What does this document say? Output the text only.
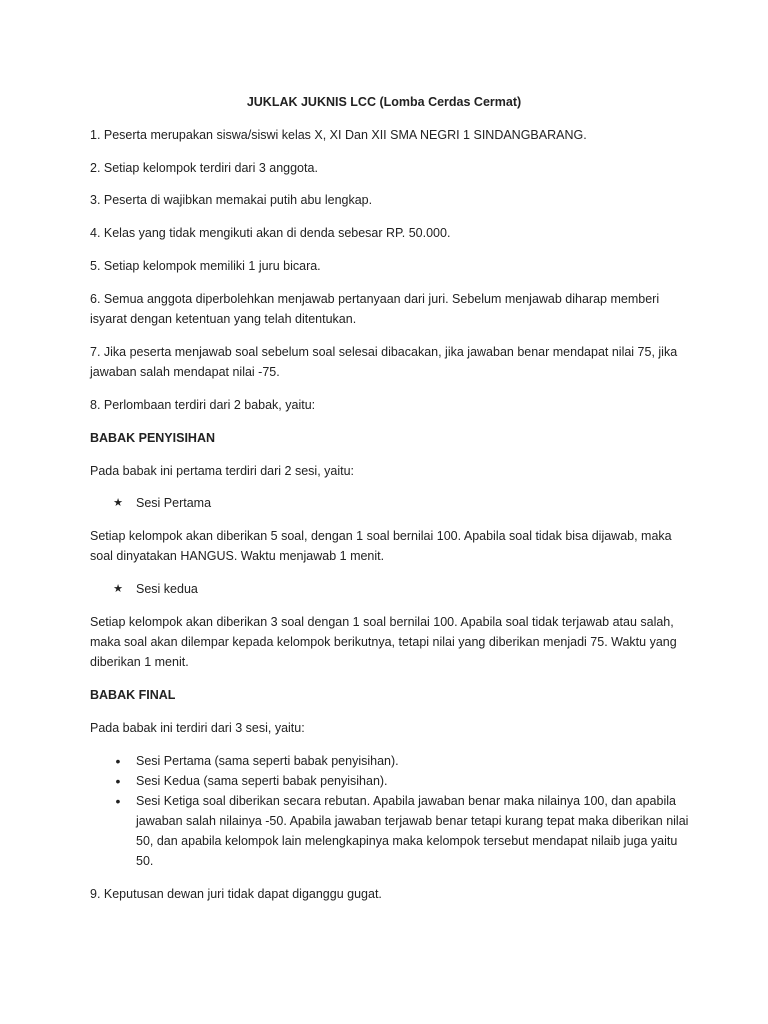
JUKLAK JUKNIS LCC (Lomba Cerdas Cermat)

1. Peserta merupakan siswa/siswi kelas X, XI Dan XII SMA NEGRI 1 SINDANGBARANG.

2. Setiap kelompok terdiri dari 3 anggota.

3. Peserta di wajibkan memakai putih abu lengkap.

4. Kelas yang tidak mengikuti akan di denda sebesar RP. 50.000.

5. Setiap kelompok memiliki 1 juru bicara.

6. Semua anggota diperbolehkan menjawab pertanyaan dari juri. Sebelum menjawab diharap memberi isyarat dengan ketentuan yang telah ditentukan.

7. Jika peserta menjawab soal sebelum soal selesai dibacakan, jika jawaban benar mendapat nilai 75, jika jawaban salah mendapat nilai -75.

8. Perlombaan terdiri dari 2 babak, yaitu:

BABAK PENYISIHAN

Pada babak ini pertama terdiri dari 2 sesi, yaitu:

★ Sesi Pertama

Setiap kelompok akan diberikan 5 soal, dengan 1 soal bernilai 100. Apabila soal tidak bisa dijawab, maka soal dinyatakan HANGUS. Waktu menjawab 1 menit.

★ Sesi kedua

Setiap kelompok akan diberikan 3 soal dengan 1 soal bernilai 100. Apabila soal tidak terjawab atau salah, maka soal akan dilempar kepada kelompok berikutnya, tetapi nilai yang diberikan menjadi 75. Waktu yang diberikan 1 menit.

BABAK FINAL

Pada babak ini terdiri dari 3 sesi, yaitu:

• Sesi Pertama (sama seperti babak penyisihan).
• Sesi Kedua (sama seperti babak penyisihan).
• Sesi Ketiga soal diberikan secara rebutan. Apabila jawaban benar maka nilainya 100, dan apabila jawaban salah nilainya -50. Apabila jawaban terjawab benar tetapi kurang tepat maka diberikan nilai 50, dan apabila kelompok lain melengkapinya maka kelompok tersebut mendapat nilaib juga yaitu 50.

9. Keputusan dewan juri tidak dapat diganggu gugat.
